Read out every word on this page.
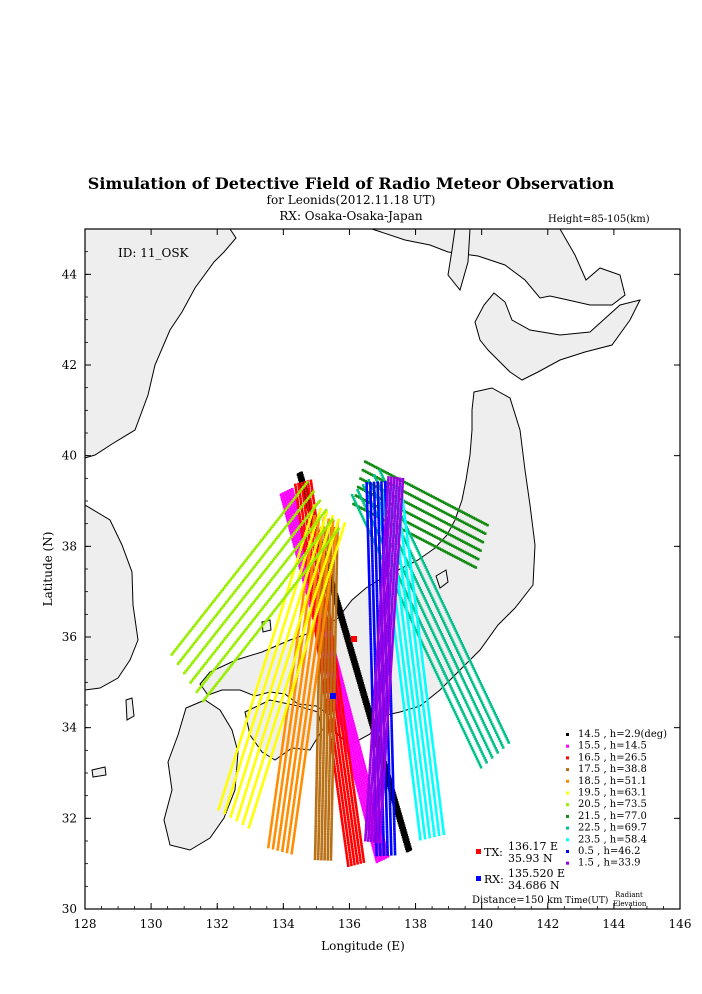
Simulation of Detective Field of Radio Meteor Observation
for Leonids(2012.11.18 UT)
RX: Osaka-Osaka-Japan	Height=85-105(km)
128	130	132	134	136	138	140	142	144	146
30
32
34
36
38
40
42
44
ID: 11_OSK
Longitude (E)
Latitude (N)
14.5 , h=2.9(deg)
15.5 , h=14.5
16.5 , h=26.5
17.5 , h=38.8
18.5 , h=51.1
19.5 , h=63.1
20.5 , h=73.5
21.5 , h=77.0
22.5 , h=69.7
23.5 , h=58.4
0.5 , h=46.2
1.5 , h=33.9
TX: 136.17 E
35.93 N
RX: 135.520 E
34.686 N
Distance=150 km Time(UT)
Radiant
Elevation
